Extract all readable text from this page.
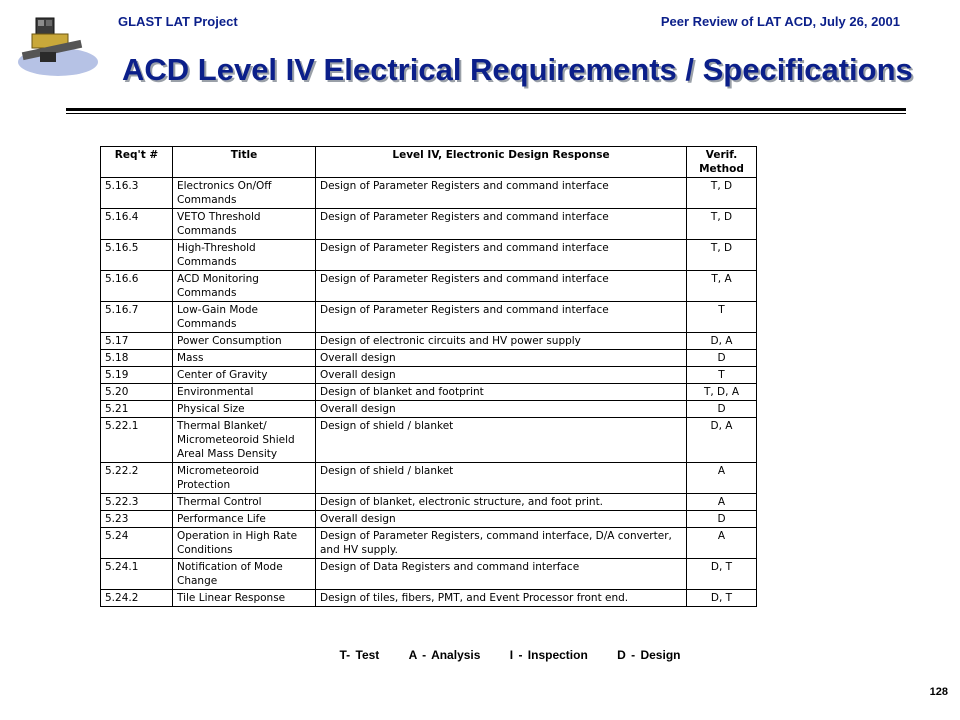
GLAST LAT Project	Peer Review of LAT ACD, July 26, 2001
ACD Level IV Electrical Requirements / Specifications
Req't #	Title	Level IV, Electronic Design Response	Verif. Method
5.16.3	Electronics On/Off Commands	Design of Parameter Registers and command interface	T, D
5.16.4	VETO Threshold Commands	Design of Parameter Registers and command interface	T, D
5.16.5	High-Threshold Commands	Design of Parameter Registers and command interface	T, D
5.16.6	ACD Monitoring Commands	Design of Parameter Registers and command interface	T, A
5.16.7	Low-Gain Mode Commands	Design of Parameter Registers and command interface	T
5.17	Power Consumption	Design of electronic circuits and HV power supply	D, A
5.18	Mass	Overall design	D
5.19	Center of Gravity	Overall design	T
5.20	Environmental	Design of blanket and footprint	T, D, A
5.21	Physical Size	Overall design	D
5.22.1	Thermal Blanket/ Micrometeoroid Shield Areal Mass Density	Design of shield / blanket	D, A
5.22.2	Micrometeoroid Protection	Design of shield / blanket	A
5.22.3	Thermal Control	Design of blanket, electronic structure, and foot print.	A
5.23	Performance Life	Overall design	D
5.24	Operation in High Rate Conditions	Design of Parameter Registers, command interface, D/A converter, and HV supply.	A
5.24.1	Notification of Mode Change	Design of Data Registers and command interface	D, T
5.24.2	Tile Linear Response	Design of tiles, fibers, PMT, and Event Processor front end.	D, T
T- Test A - Analysis I - Inspection D - Design
128
